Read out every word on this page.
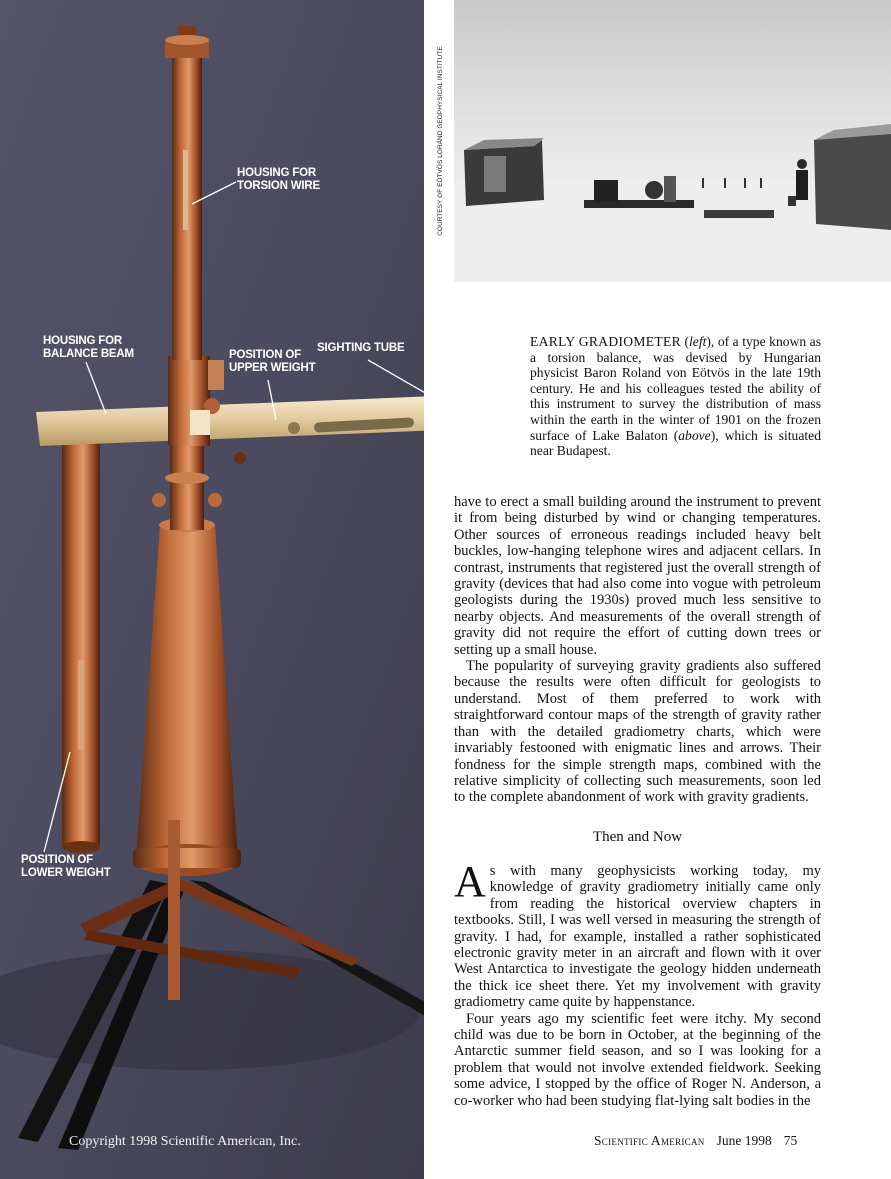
HOUSING FOR
TORSION WIRE
HOUSING FOR
BALANCE BEAM	POSITION OF
UPPER WEIGHT
SIGHTING TUBE
POSITION OF
LOWER WEIGHT
Copyright 1998 Scientific American, Inc.
COURTESY OF EÖTVÖS LORÁND GEOPHYSICAL INSTITUTE
EARLY GRADIOMETER (left), of a type known as a torsion balance, was devised by Hungarian physicist Baron Roland von Eötvös in the late 19th century. He and his colleagues tested the ability of this instrument to survey the distribution of mass within the earth in the winter of 1901 on the frozen surface of Lake Balaton (above), which is situated near Budapest.

have to erect a small building around the instrument to prevent it from being disturbed by wind or changing temperatures. Other sources of erroneous readings included heavy belt buckles, low-hanging telephone wires and adjacent cellars. In contrast, instruments that registered just the overall strength of gravity (devices that had also come into vogue with petroleum geologists during the 1930s) proved much less sensitive to nearby objects. And measurements of the overall strength of gravity did not require the effort of cutting down trees or setting up a small house.

The popularity of surveying gravity gradients also suffered because the results were often difficult for geologists to understand. Most of them preferred to work with straightforward contour maps of the strength of gravity rather than with the detailed gradiometry charts, which were invariably festooned with enigmatic lines and arrows. Their fondness for the simple strength maps, combined with the relative simplicity of collecting such measurements, soon led to the complete abandonment of work with gravity gradients.

Then and Now

As with many geophysicists working today, my knowledge of gravity gradiometry initially came only from reading the historical overview chapters in textbooks. Still, I was well versed in measuring the strength of gravity. I had, for example, installed a rather sophisticated electronic gravity meter in an aircraft and flown with it over West Antarctica to investigate the geology hidden underneath the thick ice sheet there. Yet my involvement with gravity gradiometry came quite by happenstance.

Four years ago my scientific feet were itchy. My second child was due to be born in October, at the beginning of the Antarctic summer field season, and so I was looking for a problem that would not involve extended fieldwork. Seeking some advice, I stopped by the office of Roger N. Anderson, a co-worker who had been studying flat-lying salt bodies in the

Scientific American June 1998 75
